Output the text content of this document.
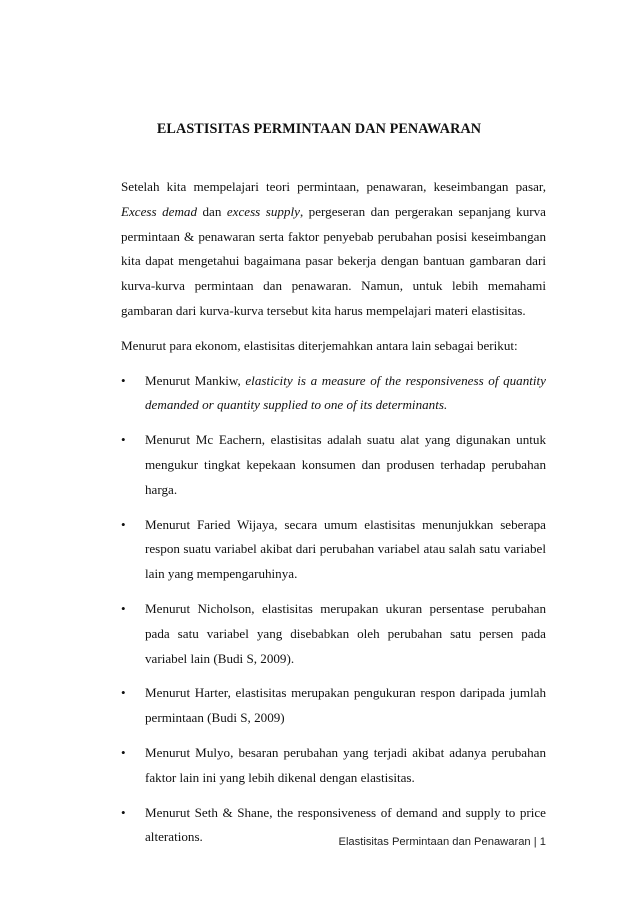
ELASTISITAS PERMINTAAN DAN PENAWARAN

Setelah kita mempelajari teori permintaan, penawaran, keseimbangan pasar, Excess demad dan excess supply, pergeseran dan pergerakan sepanjang kurva permintaan & penawaran serta faktor penyebab perubahan posisi keseimbangan kita dapat mengetahui bagaimana pasar bekerja dengan bantuan gambaran dari kurva-kurva permintaan dan penawaran. Namun, untuk lebih memahami gambaran dari kurva-kurva tersebut kita harus mempelajari materi elastisitas.

Menurut para ekonom, elastisitas diterjemahkan antara lain sebagai berikut:

• Menurut Mankiw, elasticity is a measure of the responsiveness of quantity demanded or quantity supplied to one of its determinants.
• Menurut Mc Eachern, elastisitas adalah suatu alat yang digunakan untuk mengukur tingkat kepekaan konsumen dan produsen terhadap perubahan harga.
• Menurut Faried Wijaya, secara umum elastisitas menunjukkan seberapa respon suatu variabel akibat dari perubahan variabel atau salah satu variabel lain yang mempengaruhinya.
• Menurut Nicholson, elastisitas merupakan ukuran persentase perubahan pada satu variabel yang disebabkan oleh perubahan satu persen pada variabel lain (Budi S, 2009).
• Menurut Harter, elastisitas merupakan pengukuran respon daripada jumlah permintaan (Budi S, 2009)
• Menurut Mulyo, besaran perubahan yang terjadi akibat adanya perubahan faktor lain ini yang lebih dikenal dengan elastisitas.
• Menurut Seth & Shane, the responsiveness of demand and supply to price alterations.	Elastisitas Permintaan dan Penawaran | 1
